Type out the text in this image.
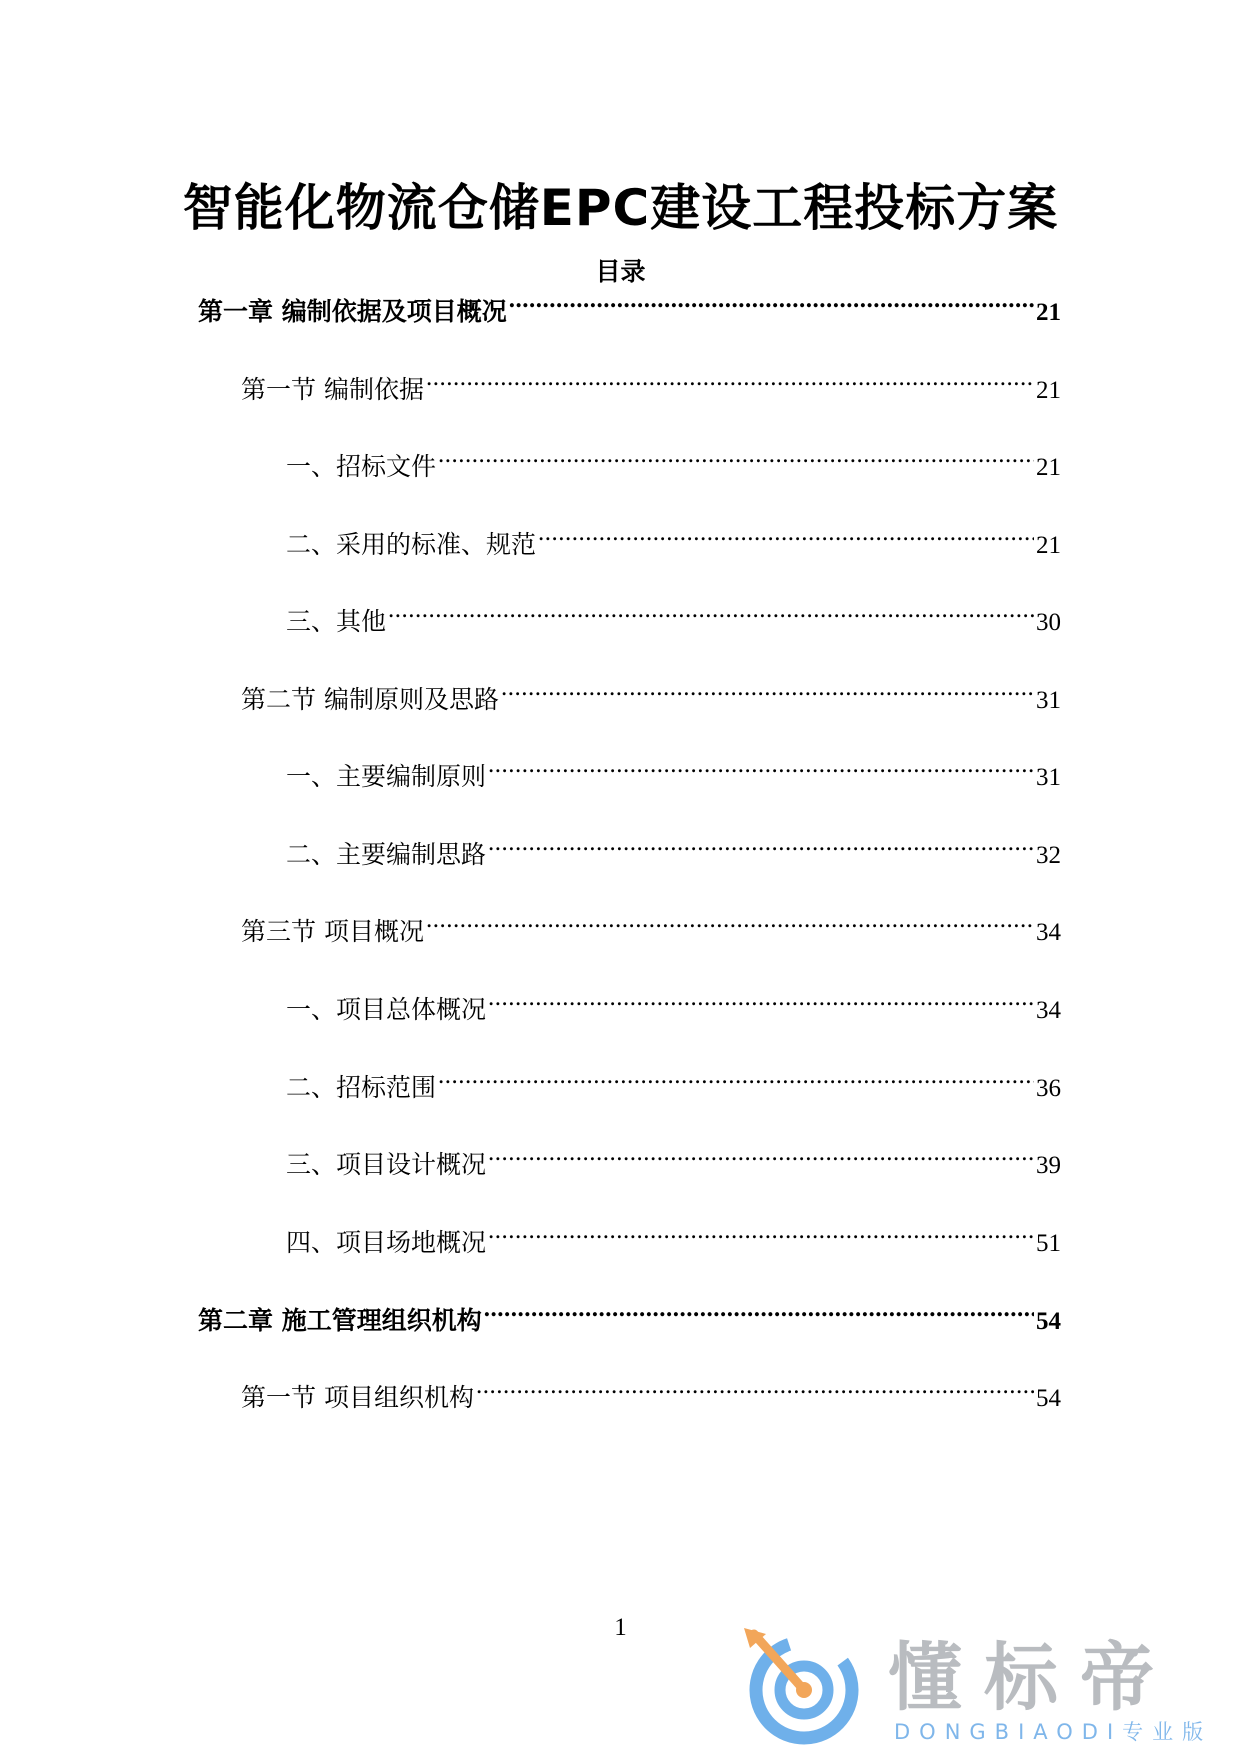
智能化物流仓储EPC建设工程投标方案
目录
第一章 编制依据及项目概况 .....	21
第一节 编制依据 .....	21
一、招标文件 .....	21
二、采用的标准、规范 .....	21
三、其他 .....	30
第二节 编制原则及思路 .....	31
一、主要编制原则 .....	31
二、主要编制思路 .....	32
第三节 项目概况 .....	34
一、项目总体概况 .....	34
二、招标范围 .....	36
三、项目设计概况 .....	39
四、项目场地概况 .....	51
第二章 施工管理组织机构 .....	54
第一节 项目组织机构 .....	54
1
懂标帝
DONGBIAODI专业版
